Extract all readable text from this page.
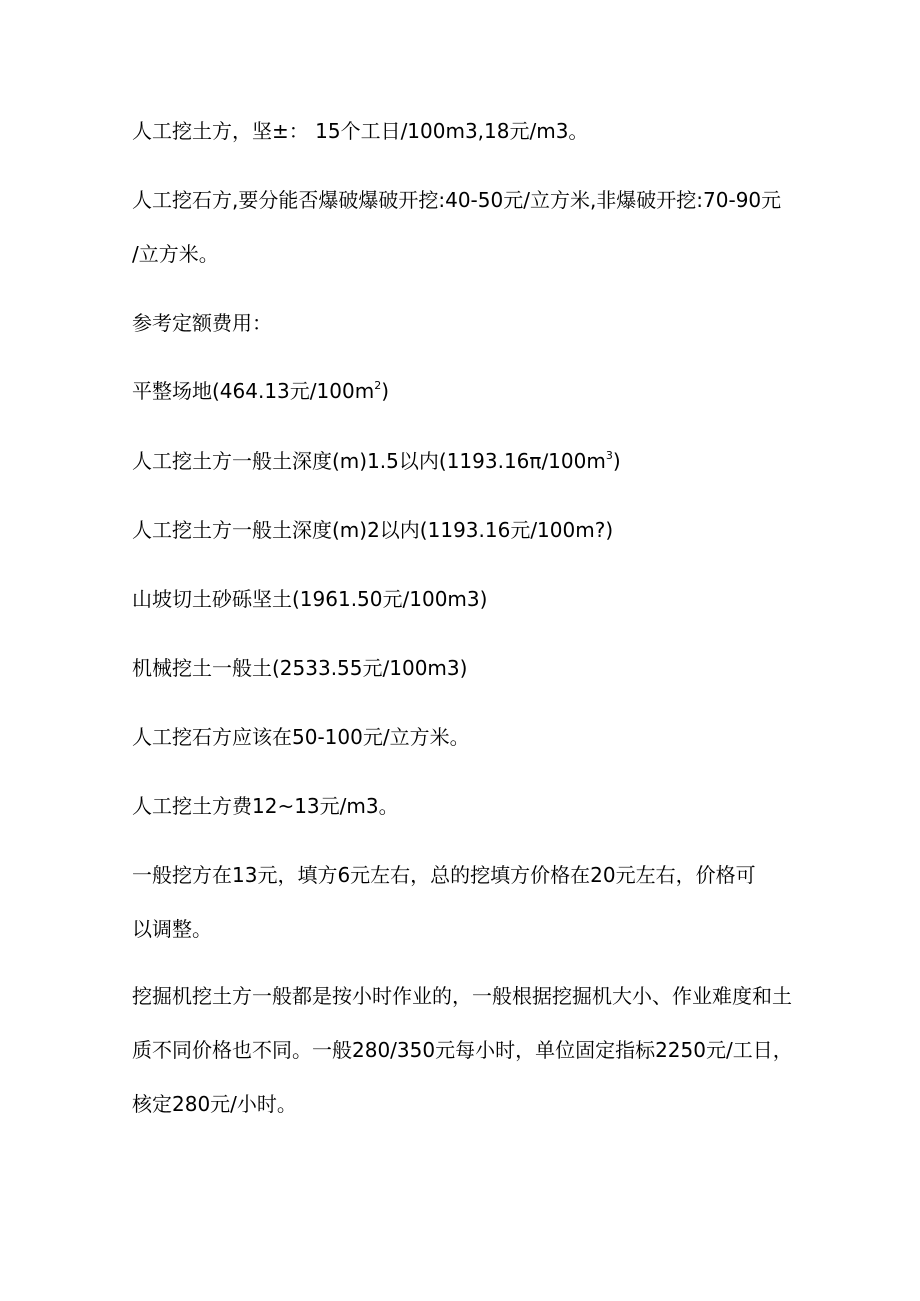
人工挖土方，坚±： 15个工日/100m3,18元/m3。

人工挖石方,要分能否爆破爆破开挖:40-50元/立方米,非爆破开挖:70-90元
/立方米。

参考定额费用：

平整场地(464.13元$/100m^2$)

人工挖土方一般土深度(m)1.5以内$(1193.16\pi∕100m^3)$

人工挖土方一般土深度(m)2以内(1193.16元/100m?)

山坡切土砂砾坚土(1961.50元∕100m3)

机械挖土一般土(2533.55元∕100m3)

人工挖石方应该在50-100元/立方米。

人工挖土方费12~13元/m3。

一般挖方在13元，填方6元左右，总的挖填方价格在20元左右，价格可
以调整。

挖掘机挖土方一般都是按小时作业的，一般根据挖掘机大小、作业难度和土
质不同价格也不同。一般280/350元每小时，单位固定指标2250元/工日，
核定280元/小时。
